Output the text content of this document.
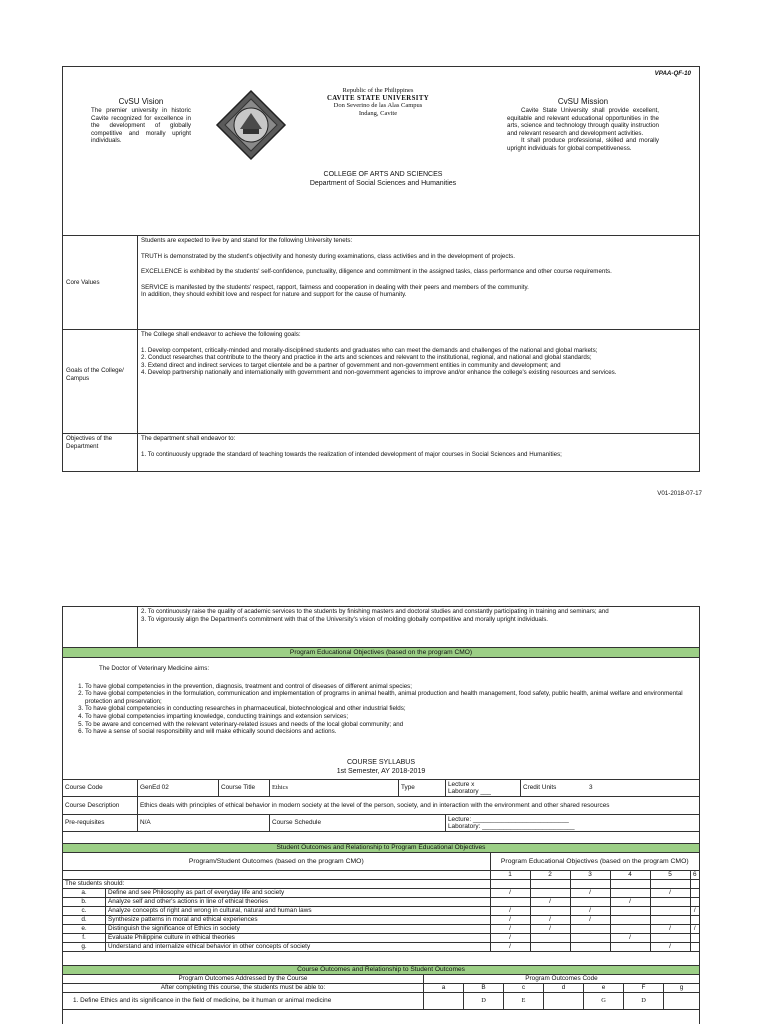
VPAA-QF-10
CvSU Vision
The premier university in historic Cavite recognized for excellence in the development of globally competitive and morally upright individuals.
Republic of the Philippines
CAVITE STATE UNIVERSITY
Don Severino de las Alas Campus
Indang, Cavite
COLLEGE OF ARTS AND SCIENCES
Department of Social Sciences and Humanities
CvSU Mission
Cavite State University shall provide excellent, equitable and relevant educational opportunities in the arts, science and technology through quality instruction and relevant research and development activities.
It shall produce professional, skilled and morally upright individuals for global competitiveness.
Core Values
Students are expected to live by and stand for the following University tenets:
TRUTH is demonstrated by the student's objectivity and honesty during examinations, class activities and in the development of projects.
EXCELLENCE is exhibited by the students' self-confidence, punctuality, diligence and commitment in the assigned tasks, class performance and other course requirements.
SERVICE is manifested by the students' respect, rapport, fairness and cooperation in dealing with their peers and members of the community.
In addition, they should exhibit love and respect for nature and support for the cause of humanity.
Goals of the College/ Campus
The College shall endeavor to achieve the following goals:
1. Develop competent, critically-minded and morally-disciplined students and graduates who can meet the demands and challenges of the national and global markets;
2. Conduct researches that contribute to the theory and practice in the arts and sciences and relevant to the institutional, regional, and national and global standards;
3. Extend direct and indirect services to target clientele and be a partner of government and non-government entities in community and development; and
4. Develop partnership nationally and internationally with government and non-government agencies to improve and/or enhance the college's existing resources and services.
Objectives of the Department
The department shall endeavor to:
1. To continuously upgrade the standard of teaching towards the realization of intended development of major courses in Social Sciences and Humanities;
V01-2018-07-17
2. To continuously raise the quality of academic services to the students by finishing masters and doctoral studies and constantly participating in training and seminars; and
3. To vigorously align the Department's commitment with that of the University's vision of molding globally competitive and morally upright individuals.
Program Educational Objectives (based on the program CMO)
The Doctor of Veterinary Medicine aims:
1. To have global competencies in the prevention, diagnosis, treatment and control of diseases of different animal species;
2. To have global competencies in the formulation, communication and implementation of programs in animal health, animal production and health management, food safety, public health, animal welfare and environmental protection and preservation;
3. To have global competencies in conducting researches in pharmaceutical, biotechnological and other industrial fields;
4. To have global competencies imparting knowledge, conducting trainings and extension services;
5. To be aware and concerned with the relevant veterinary-related issues and needs of the local global community; and
6. To have a sense of social responsibility and will make ethically sound decisions and actions.
COURSE SYLLABUS
1st Semester, AY 2018-2019
Course Code	GenEd 02	Course Title	Ethics	Type	Lecture x
Laboratory ___	Credit Units	3
Course Description	Ethics deals with principles of ethical behavior in modern society at the level of the person, society, and in interaction with the environment and other shared resources						
Pre-requisites	N/A		Course Schedule		Lecture: ___________________________
Laboratory: __________________________		
Student Outcomes and Relationship to Program Educational Objectives
Program/Student Outcomes (based on the program CMO)		Program Educational Objectives (based on the program CMO)					
		1	2	3	4	5	6
The students should:							
a.	Define and see Philosophy as part of everyday life and society	/		/		/	
b.	Analyze self and other's actions in line of ethical theories		/		/		
c.	Analyze concepts of right and wrong in cultural, natural and human laws	/		/			/
d.	Synthesize patterns in moral and ethical experiences	/	/	/			
e.	Distinguish the significance of Ethics in society	/	/			/	/
f.	Evaluate Philippine culture in ethical theories	/			/		
g.	Understand and internalize ethical behavior in other concepts of society	/				/	
Course Outcomes and Relationship to Student Outcomes
Program Outcomes Addressed by the Course	Program Outcomes Code						
After completing this course, the students must be able to:	a	B	c	d	e	F	g
1. Define Ethics and its significance in the field of medicine, be it human or animal medicine		D	E		G	D	
